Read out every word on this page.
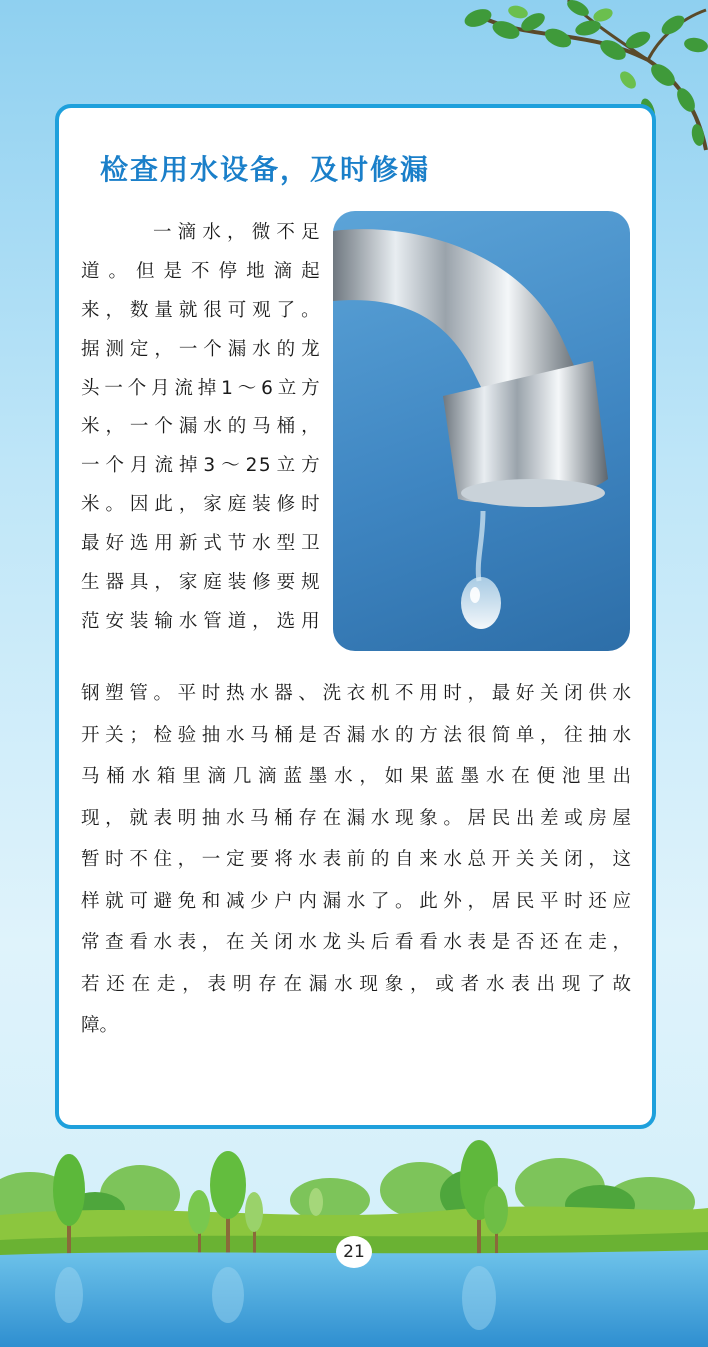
检查用水设备，及时修漏
一滴水，微不足
道。但是不停地滴起
来，数量就很可观了。
据测定，一个漏水的龙
头一个月流掉1～6立方
米，一个漏水的马桶，
一个月流掉3～25立方
米。因此，家庭装修时
最好选用新式节水型卫
生器具，家庭装修要规
范安装输水管道，选用
钢塑管。平时热水器、洗衣机不用时，最好关闭供水
开关；检验抽水马桶是否漏水的方法很简单，往抽水
马桶水箱里滴几滴蓝墨水，如果蓝墨水在便池里出
现，就表明抽水马桶存在漏水现象。居民出差或房屋
暂时不住，一定要将水表前的自来水总开关关闭，这
样就可避免和减少户内漏水了。此外，居民平时还应
常查看水表，在关闭水龙头后看看水表是否还在走，
若还在走，表明存在漏水现象，或者水表出现了故
障。
21
